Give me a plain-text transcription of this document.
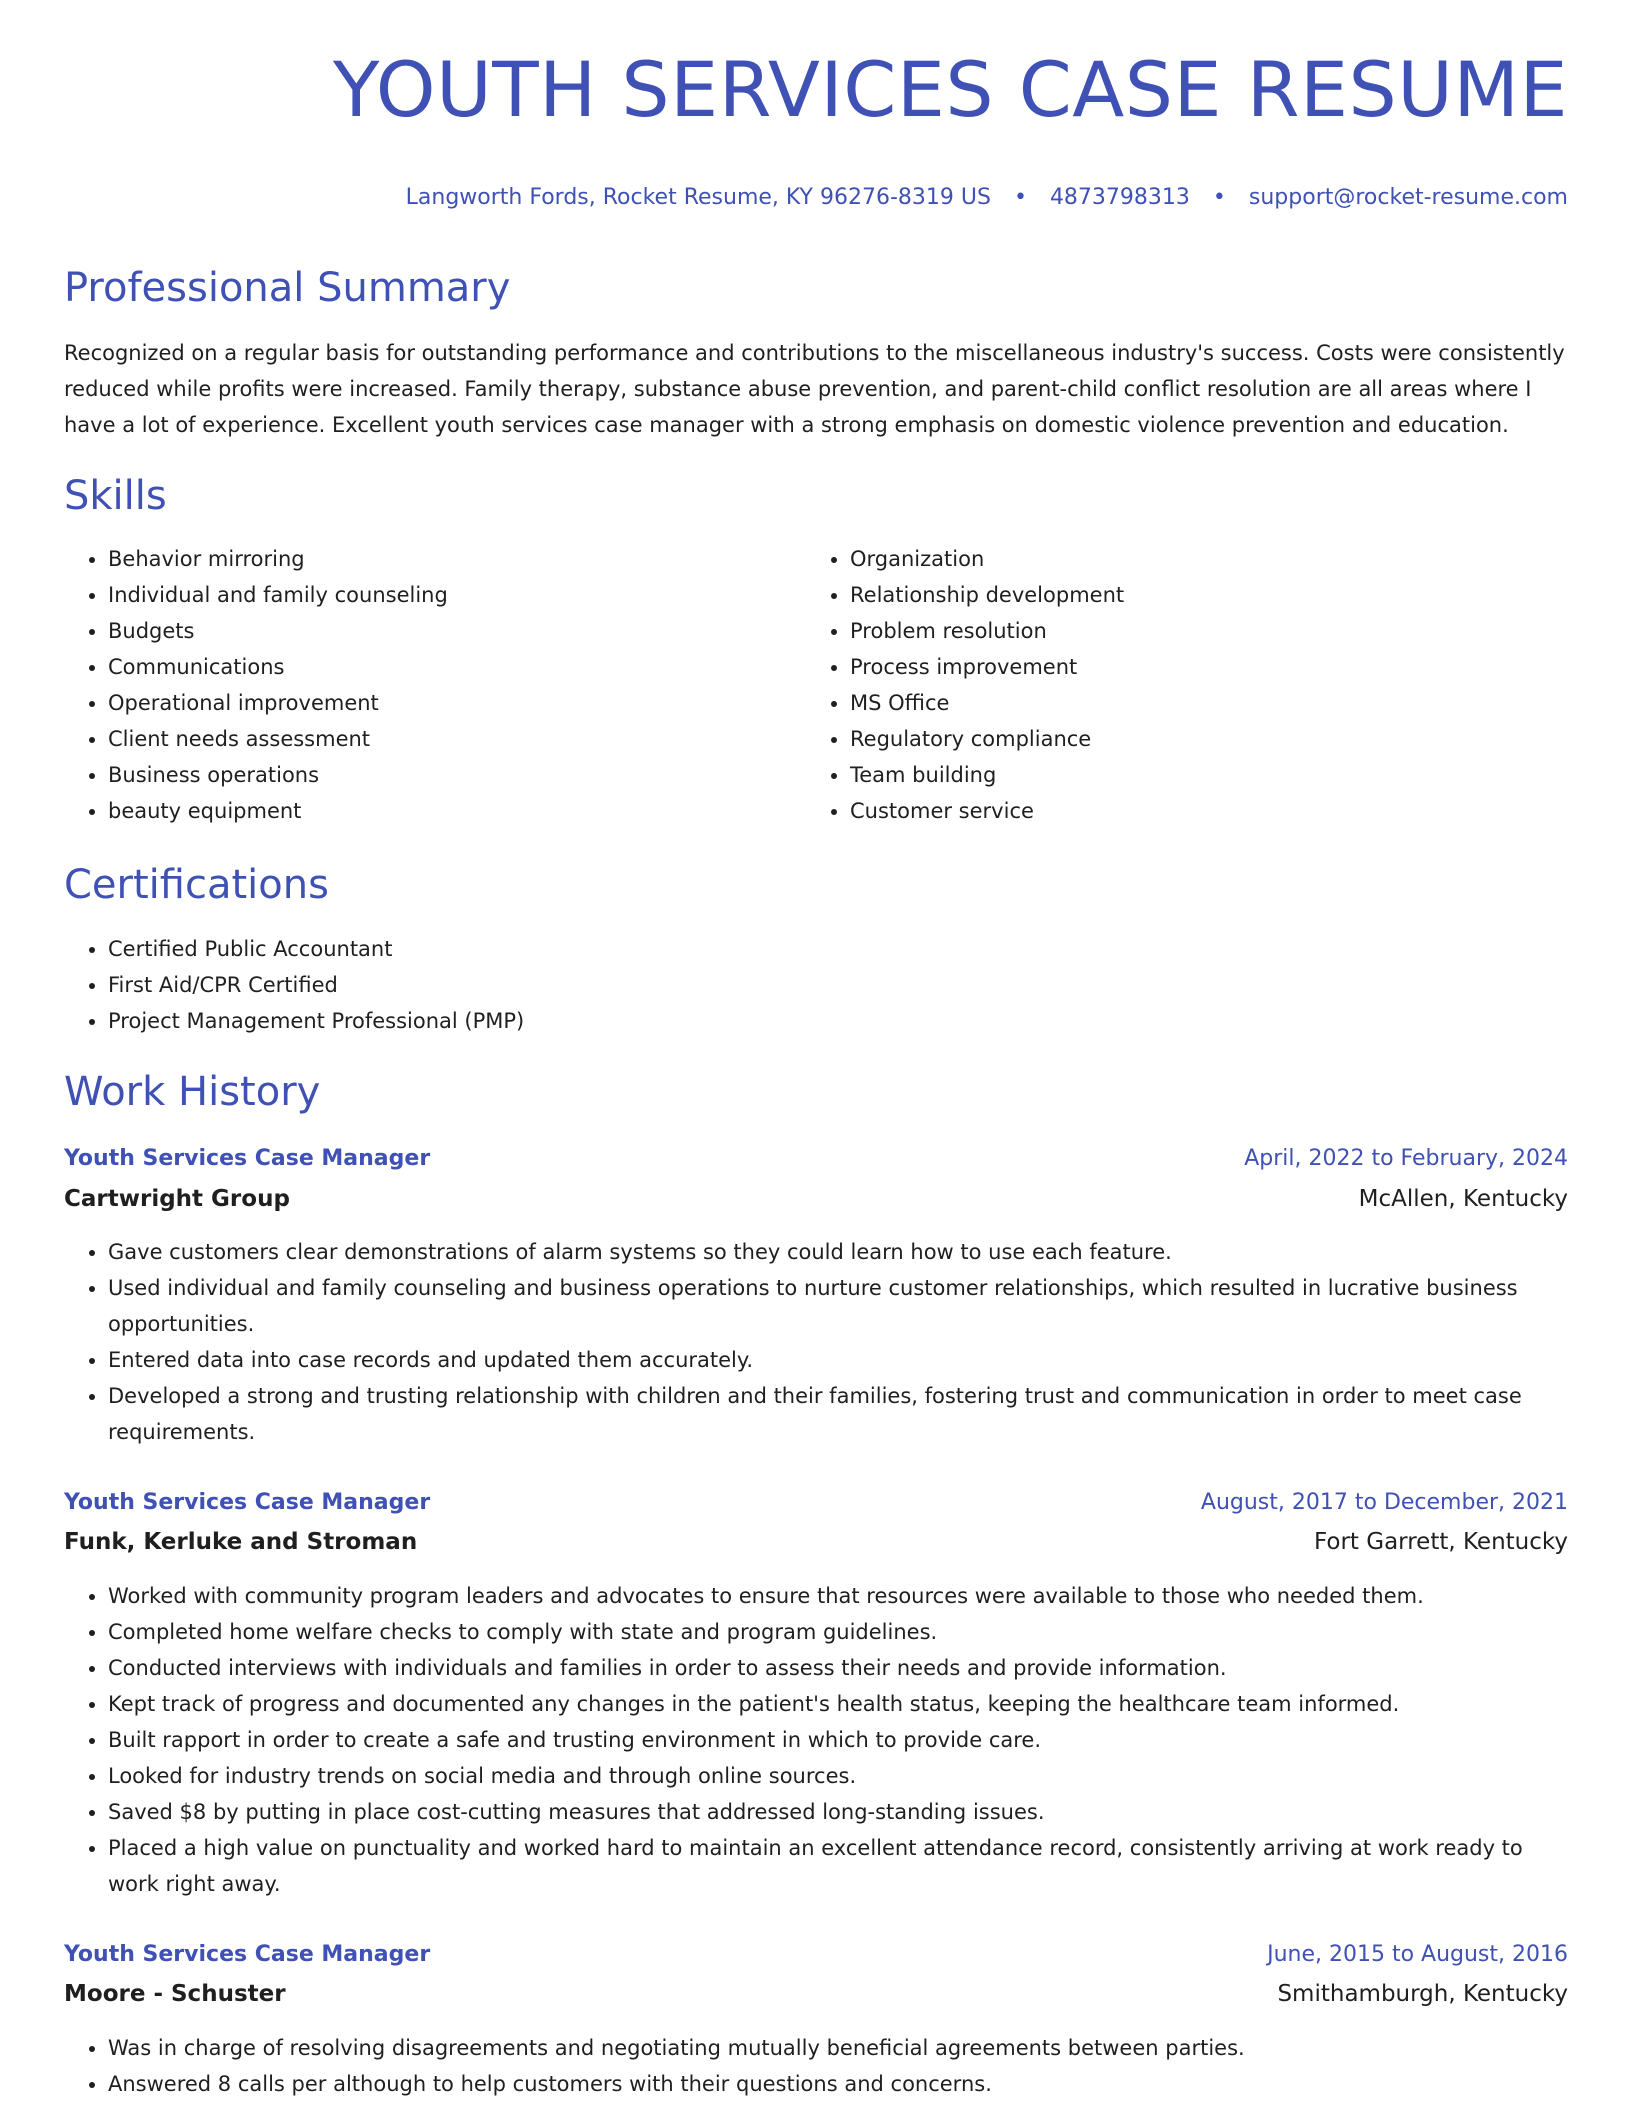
YOUTH SERVICES CASE RESUME
Langworth Fords, Rocket Resume, KY 96276-8319 US • 4873798313 • support@rocket-resume.com
Professional Summary

Recognized on a regular basis for outstanding performance and contributions to the miscellaneous industry's success. Costs were consistently reduced while profits were increased. Family therapy, substance abuse prevention, and parent-child conflict resolution are all areas where I have a lot of experience. Excellent youth services case manager with a strong emphasis on domestic violence prevention and education.

Skills
• Behavior mirroring
• Individual and family counseling
• Budgets
• Communications
• Operational improvement
• Client needs assessment
• Business operations
• beauty equipment
• Organization
• Relationship development
• Problem resolution
• Process improvement
• MS Office
• Regulatory compliance
• Team building
• Customer service
Certifications
• Certified Public Accountant
• First Aid/CPR Certified
• Project Management Professional (PMP)
Work History
Youth Services Case Manager	April, 2022 to February, 2024
Cartwright Group	McAllen, Kentucky
• Gave customers clear demonstrations of alarm systems so they could learn how to use each feature.
• Used individual and family counseling and business operations to nurture customer relationships, which resulted in lucrative business opportunities.
• Entered data into case records and updated them accurately.
• Developed a strong and trusting relationship with children and their families, fostering trust and communication in order to meet case requirements.
Youth Services Case Manager	August, 2017 to December, 2021
Funk, Kerluke and Stroman	Fort Garrett, Kentucky
• Worked with community program leaders and advocates to ensure that resources were available to those who needed them.
• Completed home welfare checks to comply with state and program guidelines.
• Conducted interviews with individuals and families in order to assess their needs and provide information.
• Kept track of progress and documented any changes in the patient's health status, keeping the healthcare team informed.
• Built rapport in order to create a safe and trusting environment in which to provide care.
• Looked for industry trends on social media and through online sources.
• Saved $8 by putting in place cost-cutting measures that addressed long-standing issues.
• Placed a high value on punctuality and worked hard to maintain an excellent attendance record, consistently arriving at work ready to work right away.
Youth Services Case Manager	June, 2015 to August, 2016
Moore - Schuster	Smithamburgh, Kentucky
• Was in charge of resolving disagreements and negotiating mutually beneficial agreements between parties.
• Answered 8 calls per although to help customers with their questions and concerns.
